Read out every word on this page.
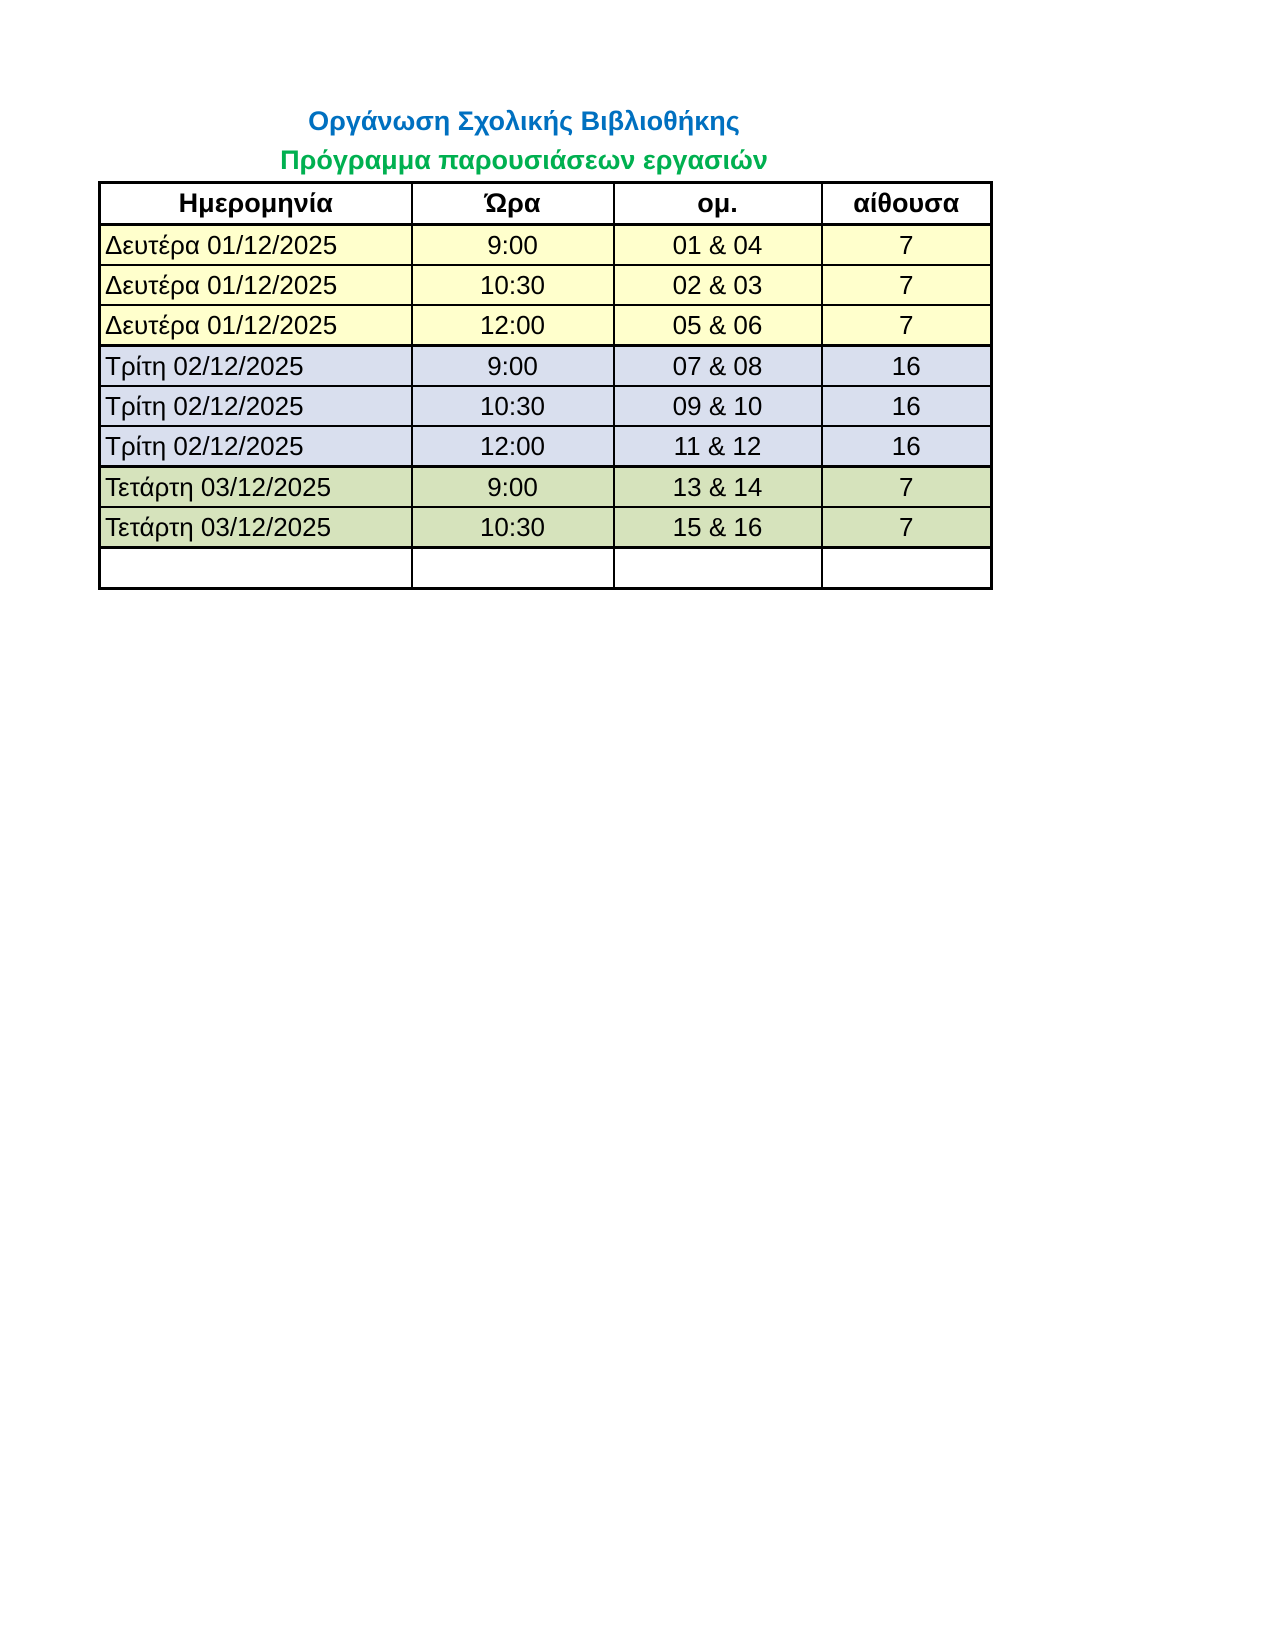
Οργάνωση Σχολικής Βιβλιοθήκης
Πρόγραμμα παρουσιάσεων εργασιών
Ημερομηνία	Ώρα	ομ.	αίθουσα
Δευτέρα 01/12/2025	9:00	01 & 04	7
Δευτέρα 01/12/2025	10:30	02 & 03	7
Δευτέρα 01/12/2025	12:00	05 & 06	7
Τρίτη 02/12/2025	9:00	07 & 08	16
Τρίτη 02/12/2025	10:30	09 & 10	16
Τρίτη 02/12/2025	12:00	11 & 12	16
Τετάρτη 03/12/2025	9:00	13 & 14	7
Τετάρτη 03/12/2025	10:30	15 & 16	7
